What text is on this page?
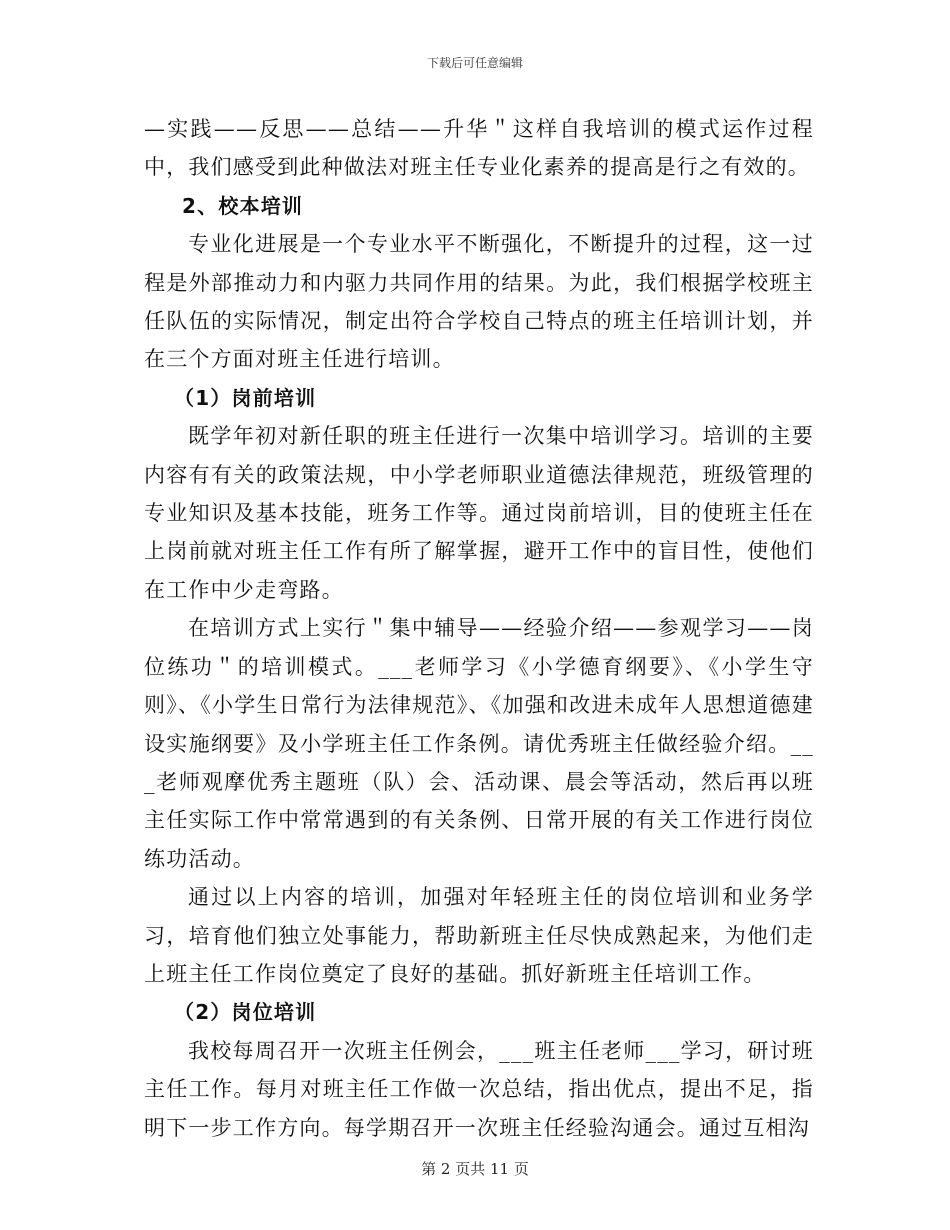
下载后可任意编辑

—实践——反思——总结——升华＂这样自我培训的模式运作过程中，我们感受到此种做法对班主任专业化素养的提高是行之有效的。

2、校本培训

专业化进展是一个专业水平不断强化，不断提升的过程，这一过程是外部推动力和内驱力共同作用的结果。为此，我们根据学校班主任队伍的实际情况，制定出符合学校自己特点的班主任培训计划，并在三个方面对班主任进行培训。

（1）岗前培训

既学年初对新任职的班主任进行一次集中培训学习。培训的主要内容有有关的政策法规，中小学老师职业道德法律规范，班级管理的专业知识及基本技能，班务工作等。通过岗前培训，目的使班主任在上岗前就对班主任工作有所了解掌握，避开工作中的盲目性，使他们在工作中少走弯路。

在培训方式上实行＂集中辅导——经验介绍——参观学习——岗位练功＂的培训模式。___老师学习《小学德育纲要》、《小学生守则》、《小学生日常行为法律规范》、《加强和改进未成年人思想道德建设实施纲要》及小学班主任工作条例。请优秀班主任做经验介绍。___老师观摩优秀主题班（队）会、活动课、晨会等活动，然后再以班主任实际工作中常常遇到的有关条例、日常开展的有关工作进行岗位练功活动。

通过以上内容的培训，加强对年轻班主任的岗位培训和业务学习，培育他们独立处事能力，帮助新班主任尽快成熟起来，为他们走上班主任工作岗位奠定了良好的基础。抓好新班主任培训工作。

（2）岗位培训

我校每周召开一次班主任例会，___班主任老师___学习，研讨班主任工作。每月对班主任工作做一次总结，指出优点，提出不足，指明下一步工作方向。每学期召开一次班主任经验沟通会。通过互相沟

第 2 页共 11 页
